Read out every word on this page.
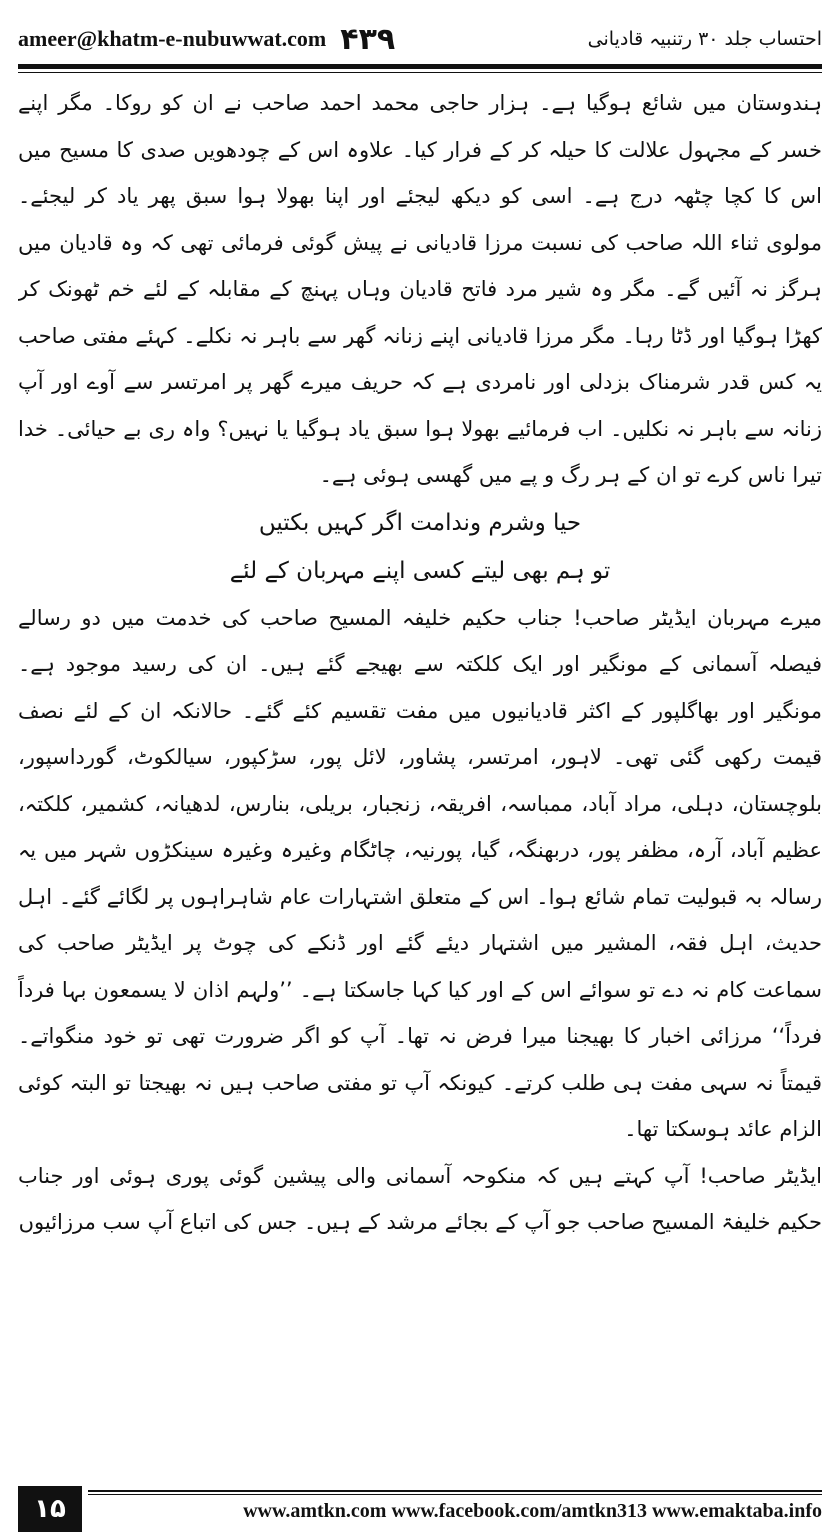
ameer@khatm-e-nubuwwat.com ۴۳۹	احتساب جلد ۳۰ رتنبیہ قادیانی

ہندوستان میں شائع ہوگیا ہے۔ ہزار حاجی محمد احمد صاحب نے ان کو روکا۔ مگر اپنے خسر کے مجہول علالت کا حیلہ کر کے فرار کیا۔ علاوہ اس کے چودھویں صدی کا مسیح میں اس کا کچا چٹھہ درج ہے۔ اسی کو دیکھ لیجئے اور اپنا بھولا ہوا سبق پھر یاد کر لیجئے۔ مولوی ثناء اللہ صاحب کی نسبت مرزا قادیانی نے پیش گوئی فرمائی تھی کہ وہ قادیان میں ہرگز نہ آئیں گے۔ مگر وہ شیر مرد فاتح قادیان وہاں پہنچ کے مقابلہ کے لئے خم ٹھونک کر کھڑا ہوگیا اور ڈٹا رہا۔ مگر مرزا قادیانی اپنے زنانہ گھر سے باہر نہ نکلے۔ کہئے مفتی صاحب یہ کس قدر شرمناک بزدلی اور نامردی ہے کہ حریف میرے گھر پر امرتسر سے آوے اور آپ زنانہ سے باہر نہ نکلیں۔ اب فرمائیے بھولا ہوا سبق یاد ہوگیا یا نہیں؟ واہ ری بے حیائی۔ خدا تیرا ناس کرے تو ان کے ہر رگ و پے میں گھسی ہوئی ہے۔

حیا وشرم وندامت اگر کہیں بکتیں
تو ہم بھی لیتے کسی اپنے مہربان کے لئے

میرے مہربان ایڈیٹر صاحب! جناب حکیم خلیفہ المسیح صاحب کی خدمت میں دو رسالے فیصلہ آسمانی کے مونگیر اور ایک کلکتہ سے بھیجے گئے ہیں۔ ان کی رسید موجود ہے۔ مونگیر اور بھاگلپور کے اکثر قادیانیوں میں مفت تقسیم کئے گئے۔ حالانکہ ان کے لئے نصف قیمت رکھی گئی تھی۔ لاہور، امرتسر، پشاور، لائل پور، سڑکپور، سیالکوٹ، گورداسپور، بلوچستان، دہلی، مراد آباد، ممباسہ، افریقہ، زنجبار، بریلی، بنارس، لدھیانہ، کشمیر، کلکتہ، عظیم آباد، آرہ، مظفر پور، دربھنگہ، گیا، پورنیہ، چاٹگام وغیرہ وغیرہ سینکڑوں شہر میں یہ رسالہ بہ قبولیت تمام شائع ہوا۔ اس کے متعلق اشتہارات عام شاہراہوں پر لگائے گئے۔ اہل حدیث، اہل فقہ، المشیر میں اشتہار دیئے گئے اور ڈنکے کی چوٹ پر ایڈیٹر صاحب کی سماعت کام نہ دے تو سوائے اس کے اور کیا کہا جاسکتا ہے۔ ’’ولہم اذان لا یسمعون بہا فرداً فرداً‘‘ مرزائی اخبار کا بھیجنا میرا فرض نہ تھا۔ آپ کو اگر ضرورت تھی تو خود منگواتے۔ قیمتاً نہ سہی مفت ہی طلب کرتے۔ کیونکہ آپ تو مفتی صاحب ہیں نہ بھیجتا تو البتہ کوئی الزام عائد ہوسکتا تھا۔

ایڈیٹر صاحب! آپ کہتے ہیں کہ منکوحہ آسمانی والی پیشین گوئی پوری ہوئی اور جناب حکیم خلیفۃ المسیح صاحب جو آپ کے بجائے مرشد کے ہیں۔ جس کی اتباع آپ سب مرزائیوں

۱۵	www.amtkn.com www.facebook.com/amtkn313 www.emaktaba.info
